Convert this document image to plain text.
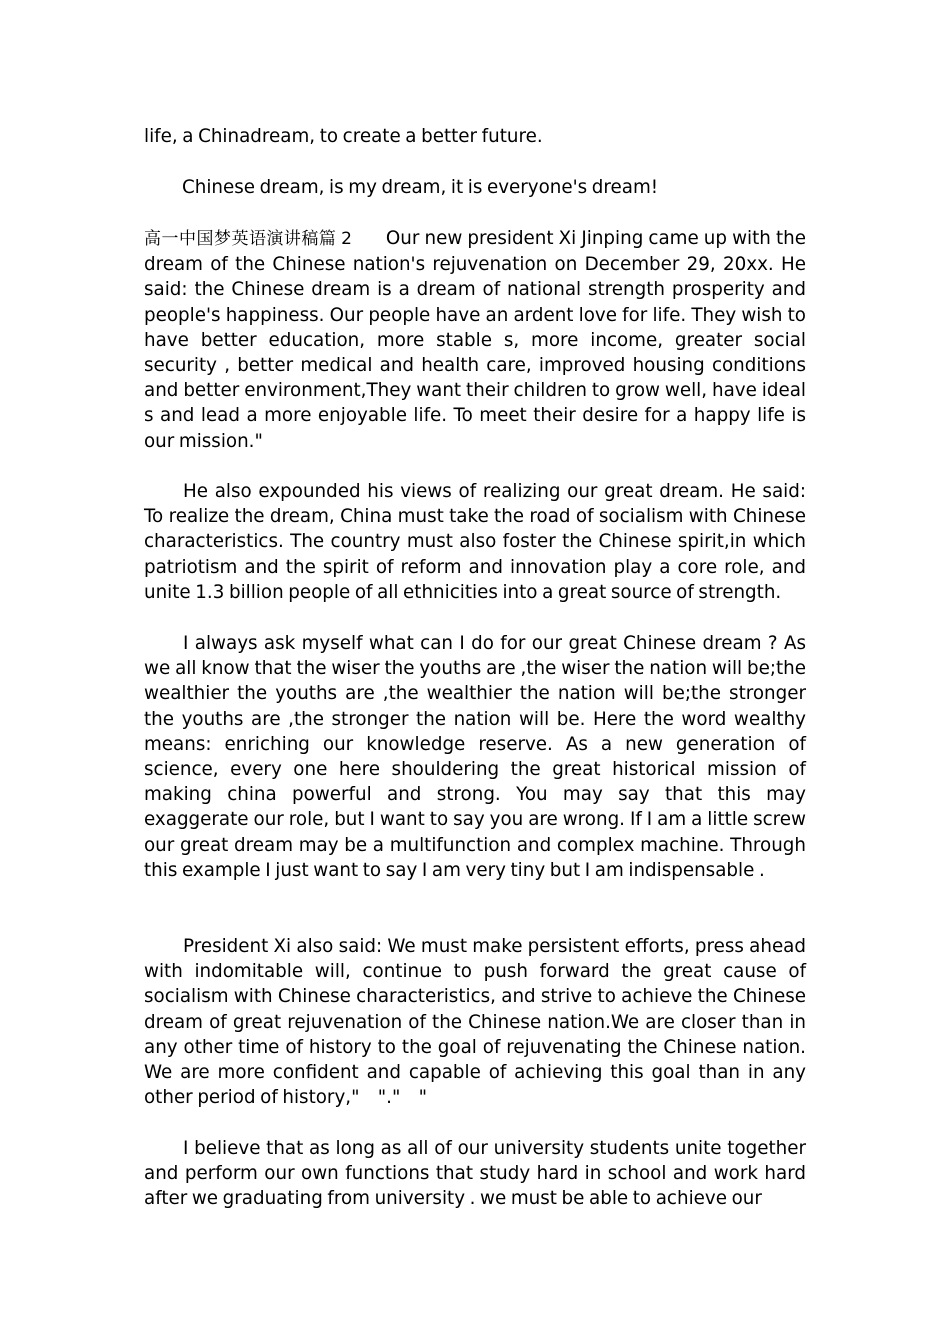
life, a Chinadream, to create a better future.

Chinese dream, is my dream, it is everyone's dream!

高一中国梦英语演讲稿篇 2 Our new president Xi Jinping came up with the dream of the Chinese nation's rejuvenation on December 29, 20xx. He said: the Chinese dream is a dream of national strength prosperity and people's happiness. Our people have an ardent love for life. They wish to have better education, more stable s, more income, greater social security , better medical and health care, improved housing conditions and better environment,They want their children to grow well, have ideal s and lead a more enjoyable life. To meet their desire for a happy life is our mission."

He also expounded his views of realizing our great dream. He said: To realize the dream, China must take the road of socialism with Chinese characteristics. The country must also foster the Chinese spirit,in which patriotism and the spirit of reform and innovation play a core role, and unite 1.3 billion people of all ethnicities into a great source of strength.

I always ask myself what can I do for our great Chinese dream ? As we all know that the wiser the youths are ,the wiser the nation will be;the wealthier the youths are ,the wealthier the nation will be;the stronger the youths are ,the stronger the nation will be. Here the word wealthy means: enriching our knowledge reserve. As a new generation of science, every one here shouldering the great historical mission of making china powerful and strong. You may say that this may exaggerate our role, but I want to say you are wrong. If I am a little screw our great dream may be a multifunction and complex machine. Through this example I just want to say I am very tiny but I am indispensable .

President Xi also said: We must make persistent efforts, press ahead with indomitable will, continue to push forward the great cause of socialism with Chinese characteristics, and strive to achieve the Chinese dream of great rejuvenation of the Chinese nation.We are closer than in any other time of history to the goal of rejuvenating the Chinese nation. We are more confident and capable of achieving this goal than in any other period of history,"　"."　"

I believe that as long as all of our university students unite together and perform our own functions that study hard in school and work hard after we graduating from university . we must be able to achieve our
